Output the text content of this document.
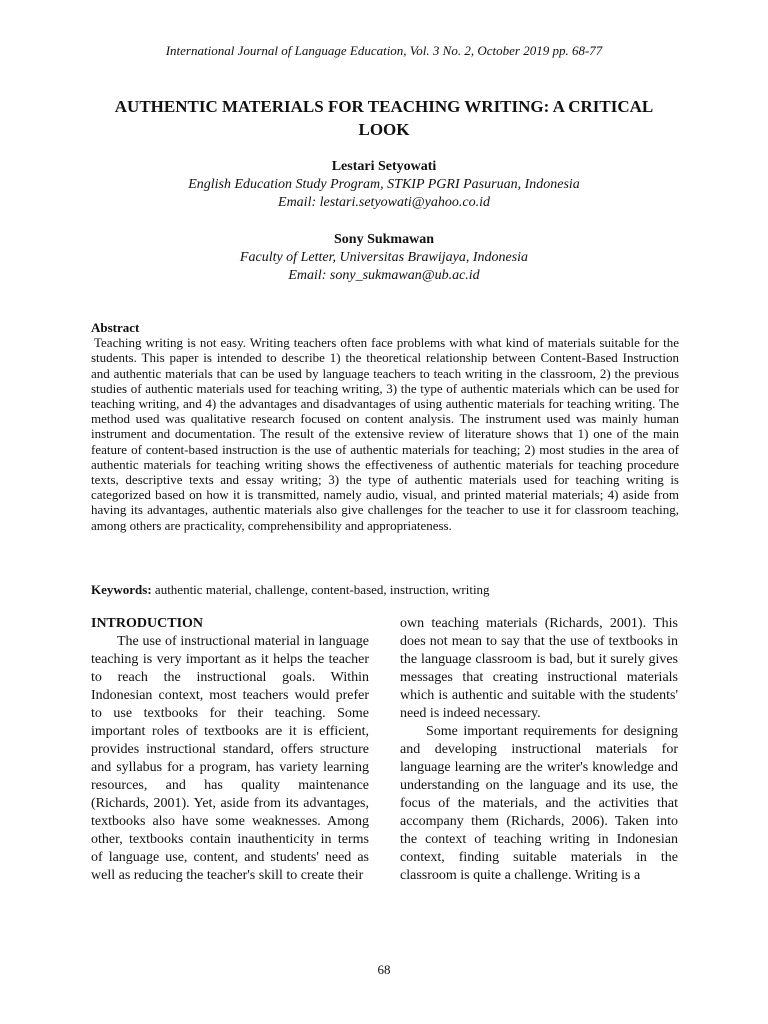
International Journal of Language Education, Vol. 3 No. 2, October 2019 pp. 68-77
AUTHENTIC MATERIALS FOR TEACHING WRITING: A CRITICAL
LOOK
Lestari Setyowati
English Education Study Program, STKIP PGRI Pasuruan, Indonesia
Email: lestari.setyowati@yahoo.co.id
Sony Sukmawan
Faculty of Letter, Universitas Brawijaya, Indonesia
Email: sony_sukmawan@ub.ac.id
Abstract
Teaching writing is not easy. Writing teachers often face problems with what kind of materials suitable for the students. This paper is intended to describe 1) the theoretical relationship between Content-Based Instruction and authentic materials that can be used by language teachers to teach writing in the classroom, 2) the previous studies of authentic materials used for teaching writing, 3) the type of authentic materials which can be used for teaching writing, and 4) the advantages and disadvantages of using authentic materials for teaching writing. The method used was qualitative research focused on content analysis. The instrument used was mainly human instrument and documentation. The result of the extensive review of literature shows that 1) one of the main feature of content-based instruction is the use of authentic materials for teaching; 2) most studies in the area of authentic materials for teaching writing shows the effectiveness of authentic materials for teaching procedure texts, descriptive texts and essay writing; 3) the type of authentic materials used for teaching writing is categorized based on how it is transmitted, namely audio, visual, and printed material materials; 4) aside from having its advantages, authentic materials also give challenges for the teacher to use it for classroom teaching, among others are practicality, comprehensibility and appropriateness.
Keywords: authentic material, challenge, content-based, instruction, writing

INTRODUCTION

The use of instructional material in language teaching is very important as it helps the teacher to reach the instructional goals. Within Indonesian context, most teachers would prefer to use textbooks for their teaching. Some important roles of textbooks are it is efficient, provides instructional standard, offers structure and syllabus for a program, has variety learning resources, and has quality maintenance (Richards, 2001). Yet, aside from its advantages, textbooks also have some weaknesses. Among other, textbooks contain inauthenticity in terms of language use, content, and students' need as well as reducing the teacher's skill to create their

own teaching materials (Richards, 2001). This does not mean to say that the use of textbooks in the language classroom is bad, but it surely gives messages that creating instructional materials which is authentic and suitable with the students' need is indeed necessary.

Some important requirements for designing and developing instructional materials for language learning are the writer's knowledge and understanding on the language and its use, the focus of the materials, and the activities that accompany them (Richards, 2006). Taken into the context of teaching writing in Indonesian context, finding suitable materials in the classroom is quite a challenge. Writing is a

68
